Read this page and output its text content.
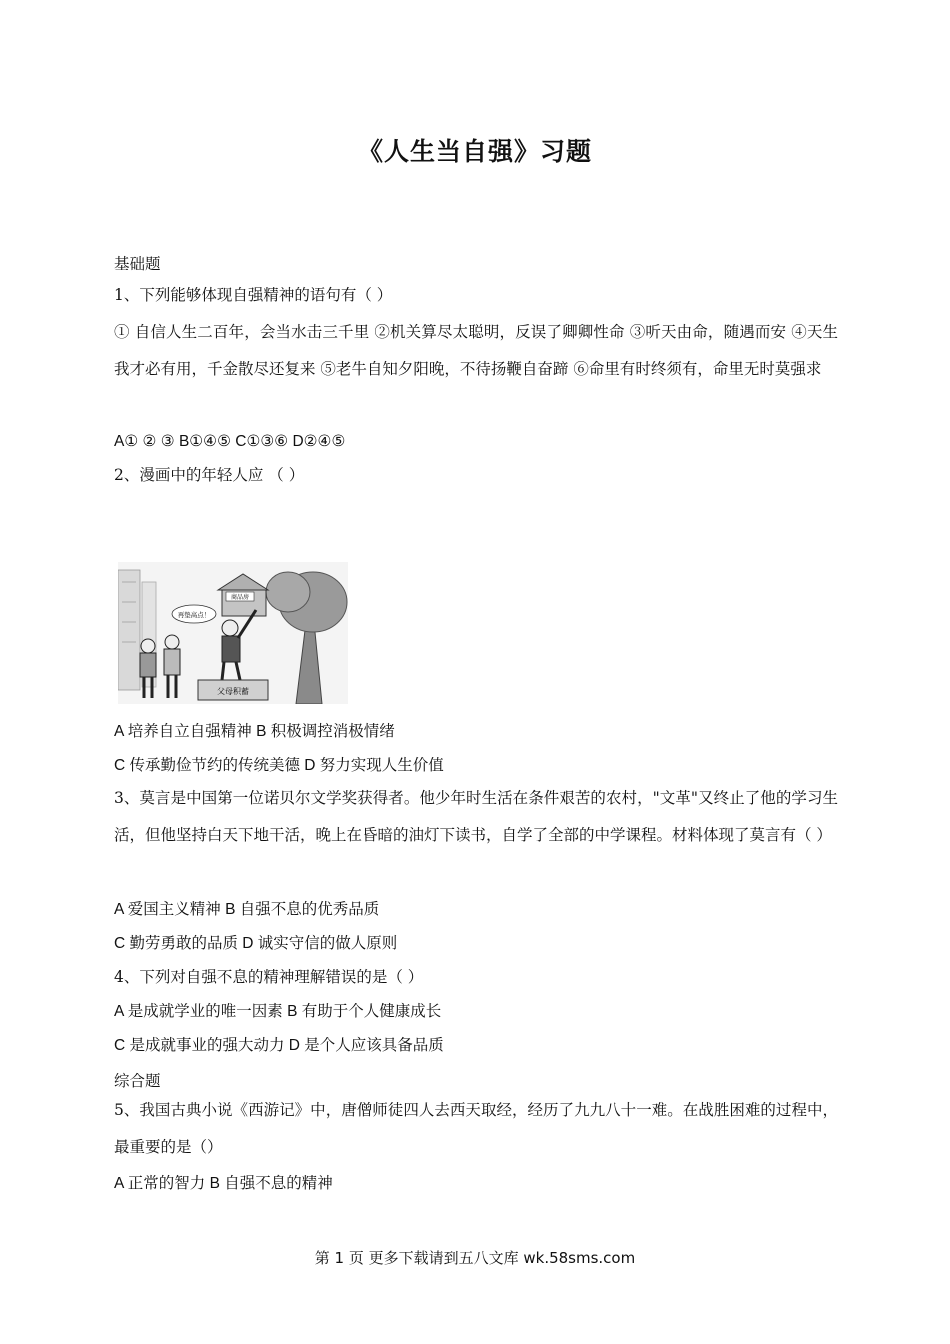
《人生当自强》习题
基础题
1、下列能够体现自强精神的语句有（ ）
① 自信人生二百年，会当水击三千里 ②机关算尽太聪明，反误了卿卿性命 ③听天由命，随遇而安 ④天生我才必有用，千金散尽还复来 ⑤老牛自知夕阳晚，不待扬鞭自奋蹄 ⑥命里有时终须有，命里无时莫强求
A① ② ③ B①④⑤ C①③⑥ D②④⑤
2、漫画中的年轻人应 （ ）
A 培养自立自强精神 B 积极调控消极情绪
C 传承勤俭节约的传统美德 D 努力实现人生价值
3、莫言是中国第一位诺贝尔文学奖获得者。他少年时生活在条件艰苦的农村，"文革"又终止了他的学习生活，但他坚持白天下地干活，晚上在昏暗的油灯下读书，自学了全部的中学课程。材料体现了莫言有（ ）
A 爱国主义精神 B 自强不息的优秀品质
C 勤劳勇敢的品质 D 诚实守信的做人原则
4、下列对自强不息的精神理解错误的是（ ）
A 是成就学业的唯一因素 B 有助于个人健康成长
C 是成就事业的强大动力 D 是个人应该具备品质
综合题
5、我国古典小说《西游记》中，唐僧师徒四人去西天取经，经历了九九八十一难。在战胜困难的过程中，最重要的是（）
A 正常的智力 B 自强不息的精神
商品房
再垫高点！
父母积蓄
第 1 页 更多下载请到五八文库 wk.58sms.com
